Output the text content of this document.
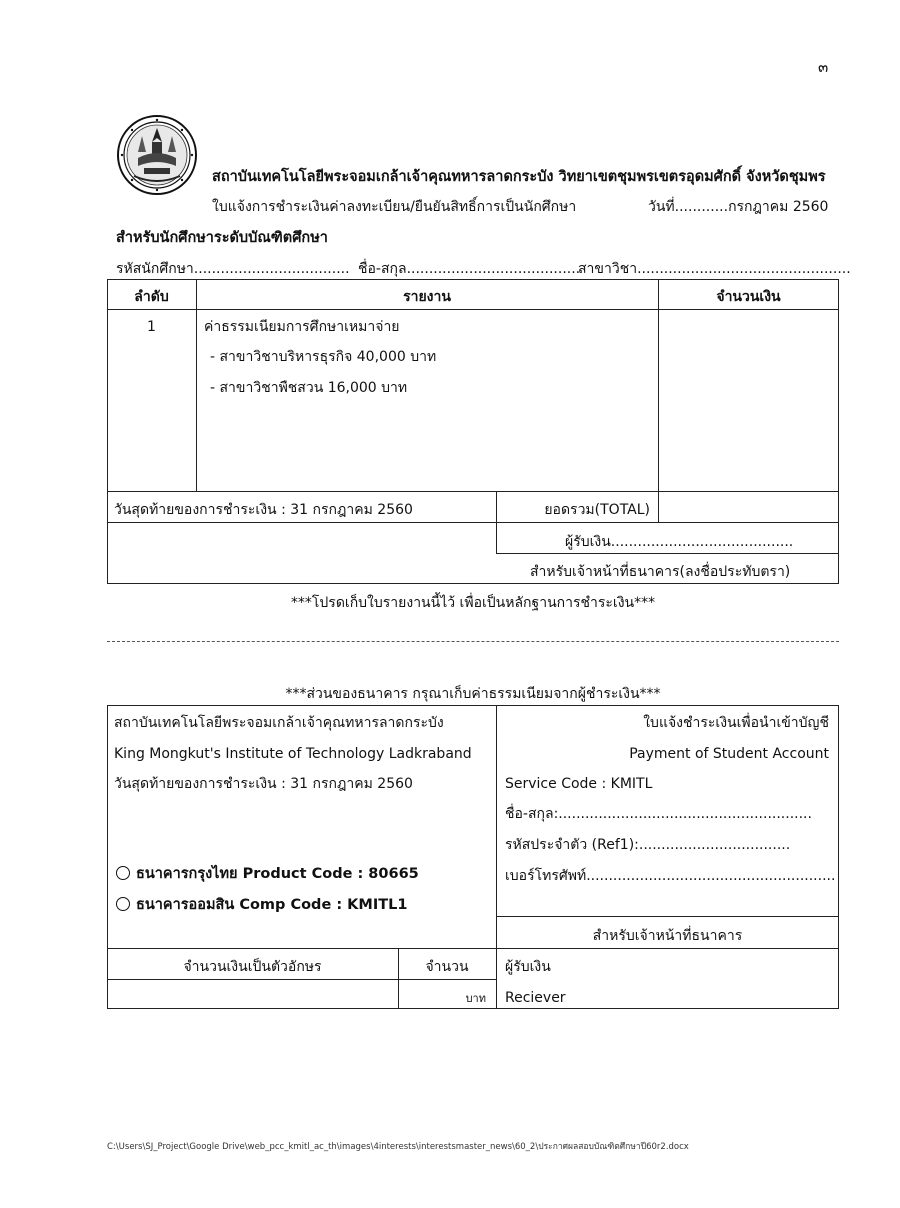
๓
สถาบันเทคโนโลยีพระจอมเกล้าเจ้าคุณทหารลาดกระบัง วิทยาเขตชุมพรเขตรอุดมศักดิ์ จังหวัดชุมพร
ใบแจ้งการชำระเงินค่าลงทะเบียน/ยืนยันสิทธิ์การเป็นนักศึกษา	วันที่............กรกฎาคม 2560
สำหรับนักศึกษาระดับบัณฑิตศึกษา
รหัสนักศึกษา................................... ชื่อ-สกุล.......................................
สาขาวิชา................................................
ลำดับ	รายงาน	จำนวนเงิน
1	ค่าธรรมเนียมการศึกษาเหมาจ่าย
- สาขาวิชาบริหารธุรกิจ 40,000 บาท
- สาขาวิชาพืชสวน 16,000 บาท
วันสุดท้ายของการชำระเงิน : 31 กรกฎาคม 2560	ยอดรวม(TOTAL)
ผู้รับเงิน.........................................
สำหรับเจ้าหน้าที่ธนาคาร(ลงชื่อประทับตรา)
***โปรดเก็บใบรายงานนี้ไว้ เพื่อเป็นหลักฐานการชำระเงิน***
***ส่วนของธนาคาร กรุณาเก็บค่าธรรมเนียมจากผู้ชำระเงิน***
สถาบันเทคโนโลยีพระจอมเกล้าเจ้าคุณทหารลาดกระบัง
King Mongkut's Institute of Technology Ladkraband
วันสุดท้ายของการชำระเงิน : 31 กรกฎาคม 2560
ธนาคารกรุงไทย Product Code : 80665
ธนาคารออมสิน Comp Code : KMITL1
ใบแจ้งชำระเงินเพื่อนำเข้าบัญชี
Payment of Student Account
Service Code : KMITL
ชื่อ-สกุล:.........................................................
รหัสประจำตัว (Ref1):..................................
เบอร์โทรศัพท์........................................................
สำหรับเจ้าหน้าที่ธนาคาร
จำนวนเงินเป็นตัวอักษร	จำนวน
บาท
ผู้รับเงิน
Reciever
C:\Users\SJ_Project\Google Drive\web_pcc_kmitl_ac_th\images\4interests\interestsmaster_news\60_2\ประกาศผลสอบบัณฑิตศึกษาปี60r2.docx
